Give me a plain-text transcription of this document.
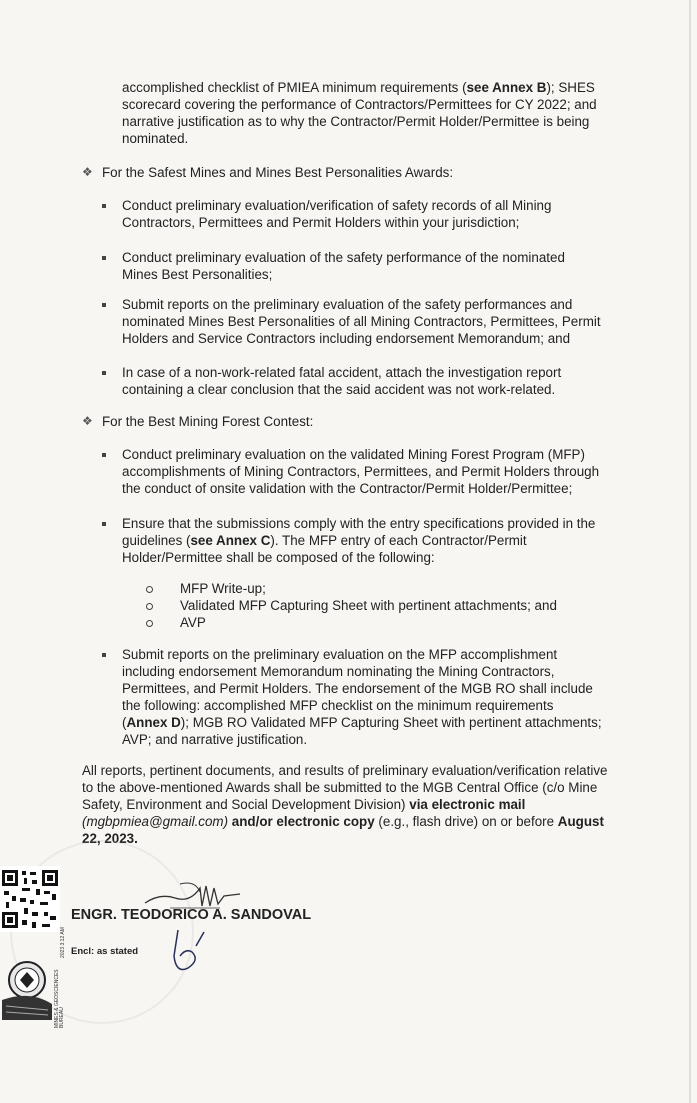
accomplished checklist of PMIEA minimum requirements (see Annex B); SHES
scorecard covering the performance of Contractors/Permittees for CY 2022; and
narrative justification as to why the Contractor/Permit Holder/Permittee is being
nominated.
❖ For the Safest Mines and Mines Best Personalities Awards:
Conduct preliminary evaluation/verification of safety records of all Mining
Contractors, Permittees and Permit Holders within your jurisdiction;
Conduct preliminary evaluation of the safety performance of the nominated
Mines Best Personalities;
Submit reports on the preliminary evaluation of the safety performances and
nominated Mines Best Personalities of all Mining Contractors, Permittees, Permit
Holders and Service Contractors including endorsement Memorandum; and
In case of a non-work-related fatal accident, attach the investigation report
containing a clear conclusion that the said accident was not work-related.
❖ For the Best Mining Forest Contest:
Conduct preliminary evaluation on the validated Mining Forest Program (MFP)
accomplishments of Mining Contractors, Permittees, and Permit Holders through
the conduct of onsite validation with the Contractor/Permit Holder/Permittee;
Ensure that the submissions comply with the entry specifications provided in the
guidelines (see Annex C). The MFP entry of each Contractor/Permit
Holder/Permittee shall be composed of the following:
MFP Write-up;
Validated MFP Capturing Sheet with pertinent attachments; and
AVP
Submit reports on the preliminary evaluation on the MFP accomplishment
including endorsement Memorandum nominating the Mining Contractors,
Permittees, and Permit Holders. The endorsement of the MGB RO shall include
the following: accomplished MFP checklist on the minimum requirements
(Annex D); MGB RO Validated MFP Capturing Sheet with pertinent attachments;
AVP; and narrative justification.
All reports, pertinent documents, and results of preliminary evaluation/verification relative
to the above-mentioned Awards shall be submitted to the MGB Central Office (c/o Mine
Safety, Environment and Social Development Division) via electronic mail
(mgbpmiea@gmail.com) and/or electronic copy (e.g., flash drive) on or before August
22, 2023.
2023 3:12 AM
ENGR. TEODORICO A. SANDOVAL
Encl: as stated
MINES & GEOSCIENCES BUREAU
